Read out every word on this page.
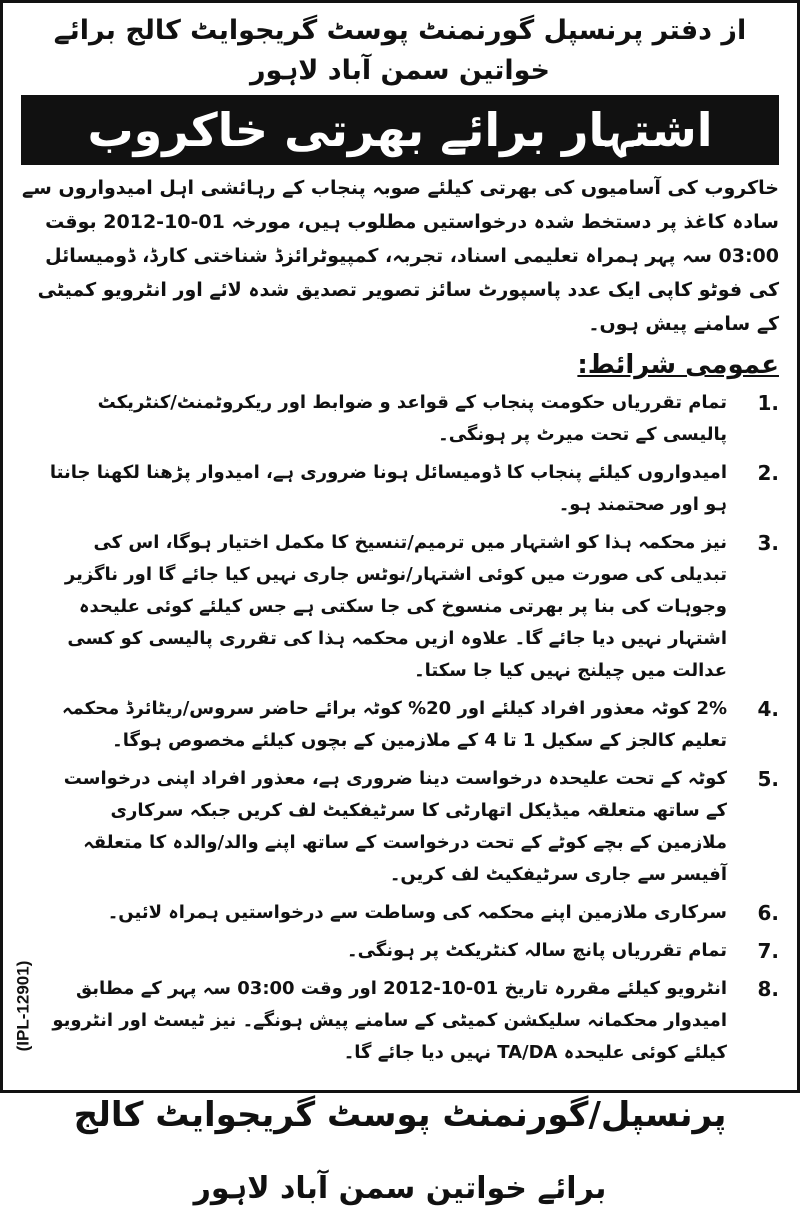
از دفتر پرنسپل گورنمنٹ پوسٹ گریجوایٹ کالج برائے خواتین سمن آباد لاہور

اشتہار برائے بھرتی خاکروب

خاکروب کی آسامیوں کی بھرتی کیلئے صوبہ پنجاب کے رہائشی اہل امیدواروں سے سادہ کاغذ پر دستخط شدہ درخواستیں مطلوب ہیں، مورخہ 01-10-2012 بوقت 03:00 سہ پہر ہمراہ تعلیمی اسناد، تجربہ، کمپیوٹرائزڈ شناختی کارڈ، ڈومیسائل کی فوٹو کاپی ایک عدد پاسپورٹ سائز تصویر تصدیق شدہ لائے اور انٹرویو کمیٹی کے سامنے پیش ہوں۔

عمومی شرائط:
1.
تمام تقرریاں حکومت پنجاب کے قواعد و ضوابط اور ریکروٹمنٹ/کنٹریکٹ پالیسی کے تحت میرٹ پر ہونگی۔
2.
امیدواروں کیلئے پنجاب کا ڈومیسائل ہونا ضروری ہے، امیدوار پڑھنا لکھنا جانتا ہو اور صحتمند ہو۔
3.
نیز محکمہ ہذا کو اشتہار میں ترمیم/تنسیخ کا مکمل اختیار ہوگا، اس کی تبدیلی کی صورت میں کوئی اشتہار/نوٹس جاری نہیں کیا جائے گا اور ناگزیر وجوہات کی بنا پر بھرتی منسوخ کی جا سکتی ہے جس کیلئے کوئی علیحدہ اشتہار نہیں دیا جائے گا۔ علاوہ ازیں محکمہ ہذا کی تقرری پالیسی کو کسی عدالت میں چیلنج نہیں کیا جا سکتا۔
4.
2% کوٹہ معذور افراد کیلئے اور 20% کوٹہ برائے حاضر سروس/ریٹائرڈ محکمہ تعلیم کالجز کے سکیل 1 تا 4 کے ملازمین کے بچوں کیلئے مخصوص ہوگا۔
5.
کوٹہ کے تحت علیحدہ درخواست دینا ضروری ہے، معذور افراد اپنی درخواست کے ساتھ متعلقہ میڈیکل اتھارٹی کا سرٹیفکیٹ لف کریں جبکہ سرکاری ملازمین کے بچے کوٹے کے تحت درخواست کے ساتھ اپنے والد/والدہ کا متعلقہ آفیسر سے جاری سرٹیفکیٹ لف کریں۔
6.
سرکاری ملازمین اپنے محکمہ کی وساطت سے درخواستیں ہمراہ لائیں۔
7.
تمام تقرریاں پانچ سالہ کنٹریکٹ پر ہونگی۔
8.
انٹرویو کیلئے مقررہ تاریخ 01-10-2012 اور وقت 03:00 سہ پہر کے مطابق امیدوار محکمانہ سلیکشن کمیٹی کے سامنے پیش ہونگے۔ نیز ٹیسٹ اور انٹرویو کیلئے کوئی علیحدہ TA/DA نہیں دیا جائے گا۔
پرنسپل/گورنمنٹ پوسٹ گریجوایٹ کالج
برائے خواتین سمن آباد لاہور
(IPL-12901)
